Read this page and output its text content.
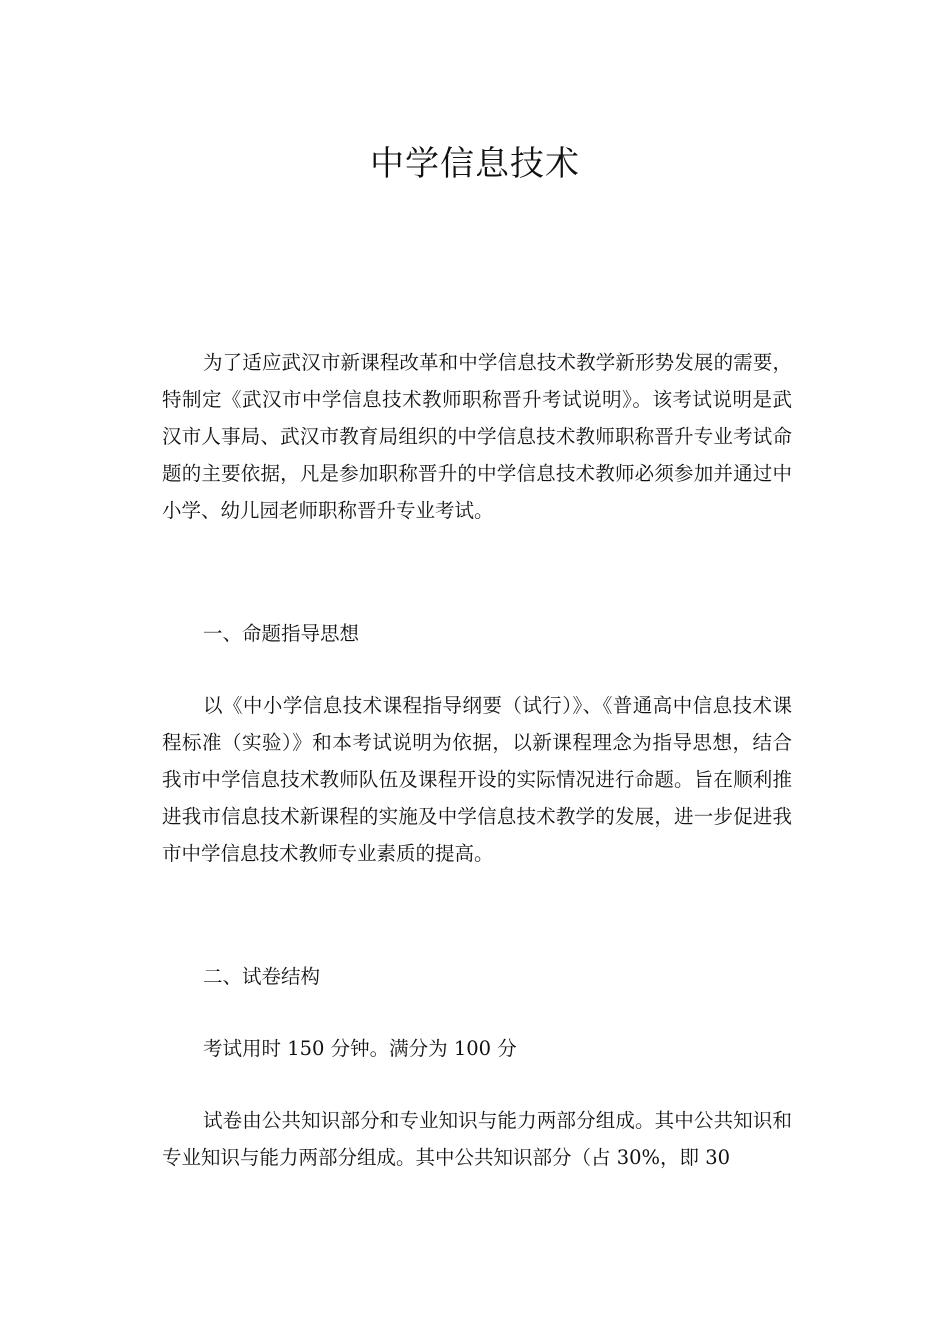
中学信息技术

为了适应武汉市新课程改革和中学信息技术教学新形势发展的需要，特制定《武汉市中学信息技术教师职称晋升考试说明》。该考试说明是武汉市人事局、武汉市教育局组织的中学信息技术教师职称晋升专业考试命题的主要依据，凡是参加职称晋升的中学信息技术教师必须参加并通过中小学、幼儿园老师职称晋升专业考试。

一、命题指导思想

以《中小学信息技术课程指导纲要（试行）》、《普通高中信息技术课程标准（实验）》和本考试说明为依据，以新课程理念为指导思想，结合我市中学信息技术教师队伍及课程开设的实际情况进行命题。旨在顺利推进我市信息技术新课程的实施及中学信息技术教学的发展，进一步促进我市中学信息技术教师专业素质的提高。

二、试卷结构

考试用时 150 分钟。满分为 100 分

试卷由公共知识部分和专业知识与能力两部分组成。其中公共知识和专业知识与能力两部分组成。其中公共知识部分（占 30%，即 30
